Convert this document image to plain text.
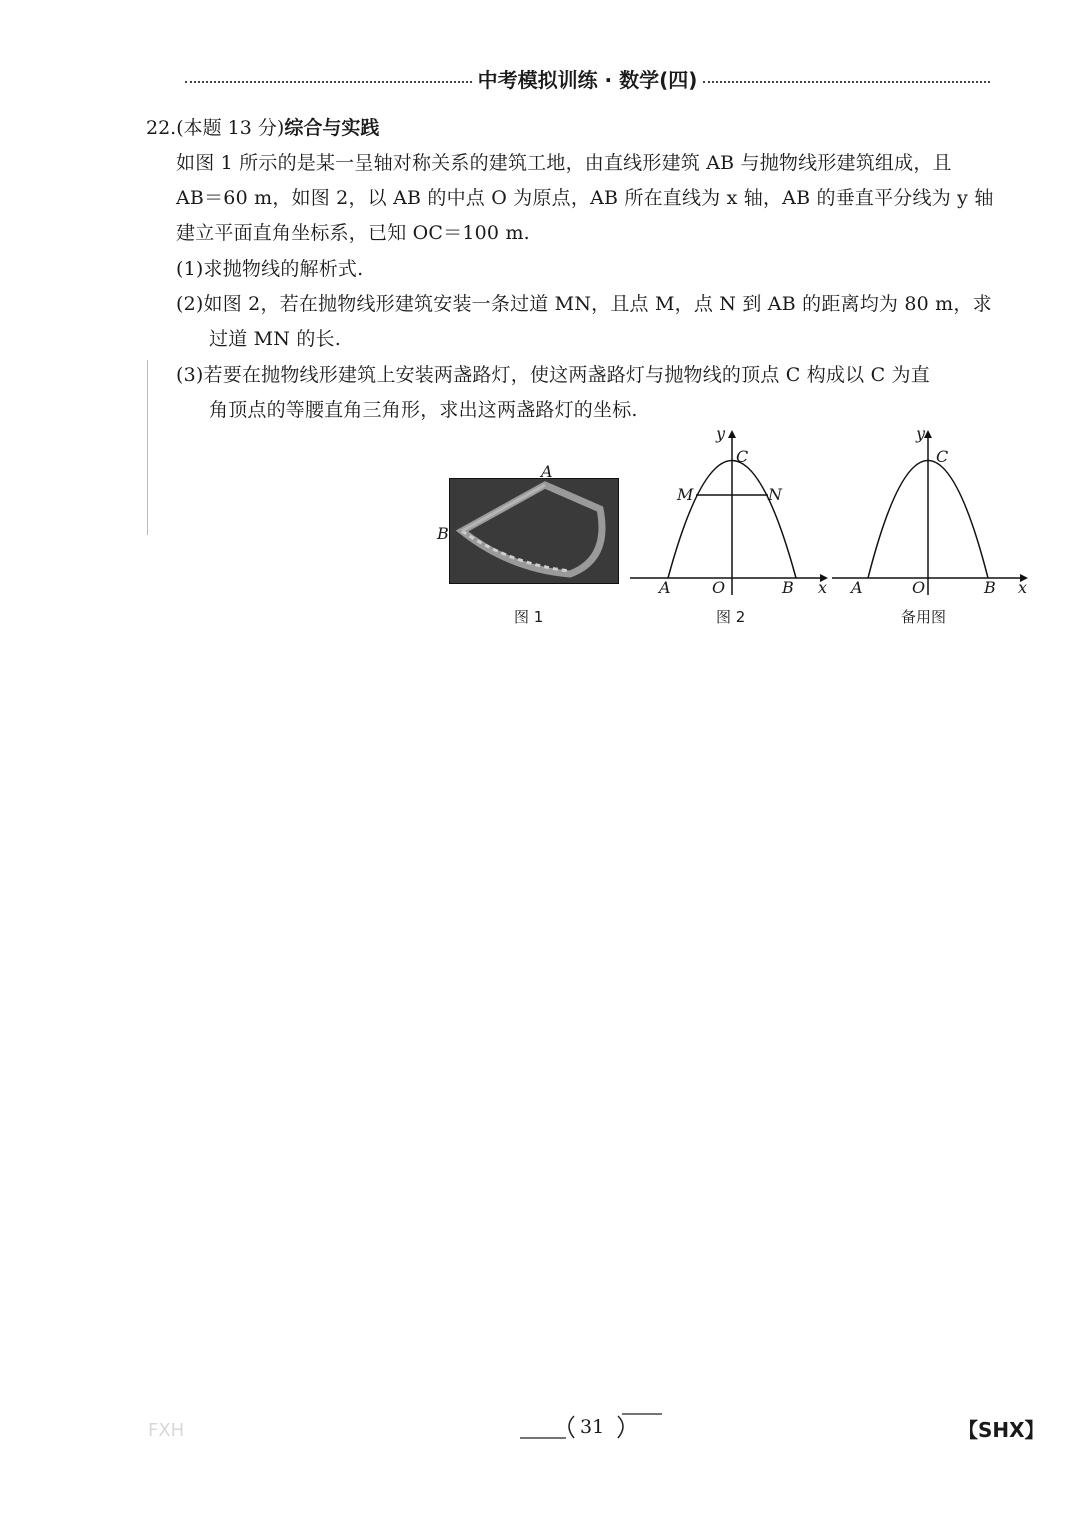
中考模拟训练 · 数学(四)
22.(本题 13 分)综合与实践
如图 1 所示的是某一呈轴对称关系的建筑工地，由直线形建筑 AB 与抛物线形建筑组成，且
AB＝60 m，如图 2，以 AB 的中点 O 为原点，AB 所在直线为 x 轴，AB 的垂直平分线为 y 轴
建立平面直角坐标系，已知 OC＝100 m.
(1)求抛物线的解析式.
(2)如图 2，若在抛物线形建筑安装一条过道 MN，且点 M，点 N 到 AB 的距离均为 80 m，求
过道 MN 的长.
(3)若要在抛物线形建筑上安装两盏路灯，使这两盏路灯与抛物线的顶点 C 构成以 C 为直
角顶点的等腰直角三角形，求出这两盏路灯的坐标.
A
B
图 1
y
C
M	N
A	O	B x
图 2
y
C
A	O	B x
备用图
FXH	31	【SHX】
